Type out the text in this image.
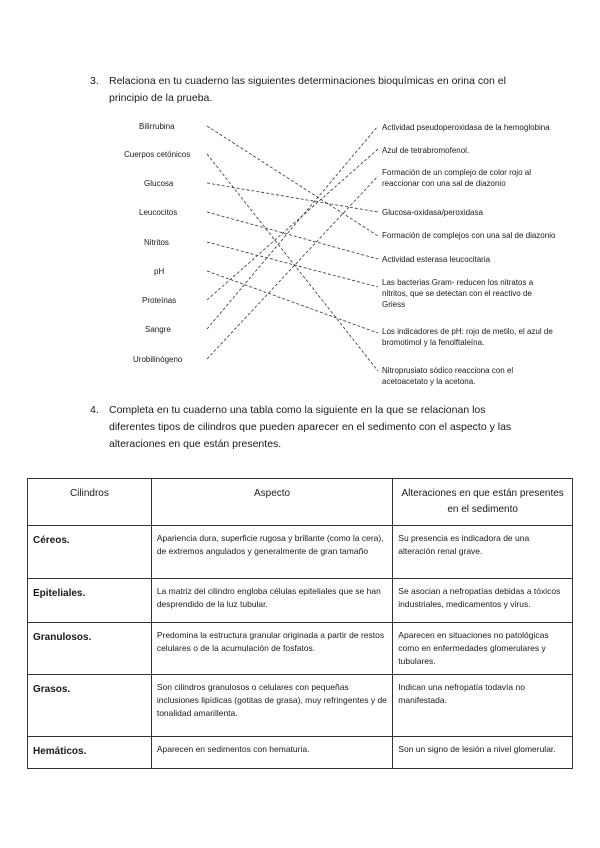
3. Relaciona en tu cuaderno las siguientes determinaciones bioquímicas en orina con el principio de la prueba.
Bilirrubina
Cuerpos cetónicos
Glucosa
Leucocitos
Nitritos
pH
Proteínas
Sangre
Urobilinógeno
Actividad pseudoperoxidasa de la hemoglobina
Azul de tetrabromofenol.
Formación de un complejo de color rojo al reaccionar con una sal de diazonio
Glucosa-oxidasa/peroxidasa
Formación de complejos con una sal de diazonio
Actividad esterasa leucocitaria
Las bacterias Gram- reducen los nitratos a nitritos, que se detectan con el reactivo de Griess
Los indicadores de pH: rojo de metilo, el azul de bromotimol y la fenolftaleína.
Nitroprusiato sódico reacciona con el acetoacetato y la acetona.
4. Completa en tu cuaderno una tabla como la siguiente en la que se relacionan los diferentes tipos de cilindros que pueden aparecer en el sedimento con el aspecto y las alteraciones en que están presentes.
Cilindros	Aspecto	Alteraciones en que están presentes en el sedimento
Céreos.	Apariencia dura, superficie rugosa y brillante (como la cera), de extremos angulados y generalmente de gran tamaño	Su presencia es indicadora de una alteración renal grave.
Epiteliales.	La matriz del cilindro engloba células epiteliales que se han desprendido de la luz tubular.	Se asocian a nefropatías debidas a tóxicos industriales, medicamentos y virus.
Granulosos.	Predomina la estructura granular originada a partir de restos celulares o de la acumulación de fosfatos.	Aparecen en situaciones no patológicas como en enfermedades glomerulares y tubulares.
Grasos.	Son cilindros granulosos o celulares con pequeñas inclusiones lipídicas (gotitas de grasa), muy refringentes y de tonalidad amarillenta.	Indican una nefropatía todavía no manifestada.
Hemáticos.	Aparecen en sedimentos con hematuria.	Son un signo de lesión a nivel glomerular.
